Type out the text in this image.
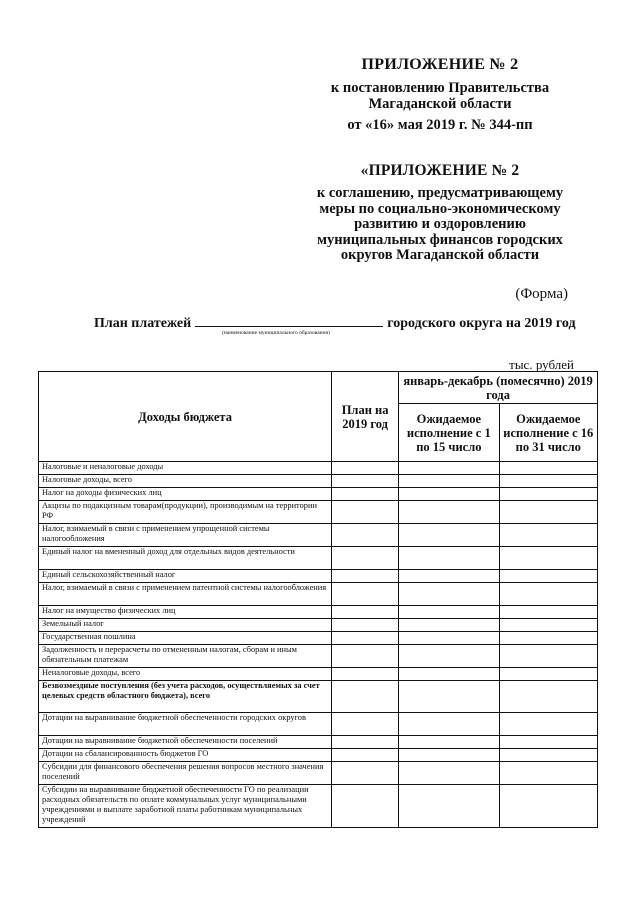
ПРИЛОЖЕНИЕ № 2
к постановлению Правительства
Магаданской области
от «16» мая 2019 г. № 344-пп
«ПРИЛОЖЕНИЕ № 2
к соглашению, предусматривающему
меры по социально-экономическому
развитию и оздоровлению
муниципальных финансов городских
округов Магаданской области
(Форма)
План платежей	городского округа на 2019 год
(наименование муниципального образования)
тыс. рублей
Доходы бюджета	План на 2019 год	январь-декабрь (помесячно) 2019 года	
		Ожидаемое исполнение с 1 по 15 число	Ожидаемое исполнение с 16 по 31 число
Налоговые и неналоговые доходы			
Налоговые доходы, всего			
Налог на доходы физических лиц			
Акцизы по подакцизным товарам(продукции), производимым на территории РФ			
Налог, взимаемый в связи с применением упрощенной системы налогообложения			
Единый налог на вмененный доход для отдельных видов деятельности			
Единый сельскохозяйственный налог			
Налог, взимаемый в связи с применением патентной системы налогообложения			
Налог на имущество физических лиц			
Земельный налог			
Государственная пошлина			
Задолженность и перерасчеты по отмененным налогам, сборам и иным обязательным платежам			
Неналоговые доходы, всего			
Безвозмездные поступления (без учета расходов, осуществляемых за счет целевых средств областного бюджета), всего			
Дотации на выравнивание бюджетной обеспеченности городских округов			
Дотации на выравнивание бюджетной обеспеченности поселений			
Дотации на сбалансированность бюджетов ГО			
Субсидии для финансового обеспечения решения вопросов местного значения поселений			
Субсидии на выравнивание бюджетной обеспеченности ГО по реализации расходных обязательств по оплате коммунальных услуг муниципальными учреждениями и выплате заработной платы работникам муниципальных учреждений			
